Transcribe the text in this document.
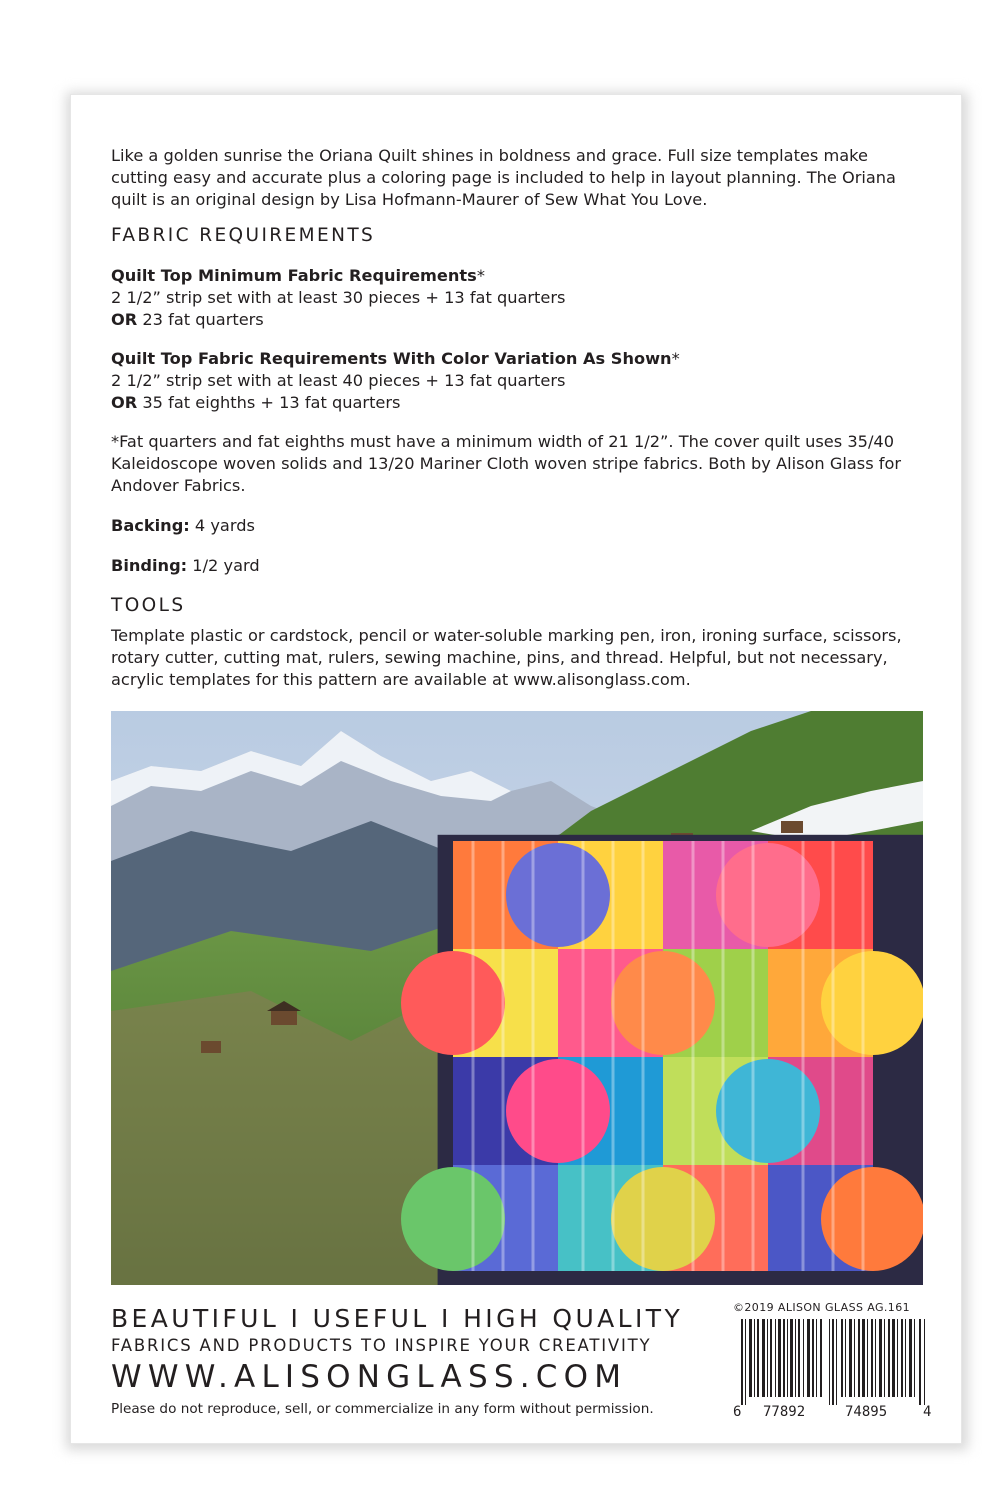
Like a golden sunrise the Oriana Quilt shines in boldness and grace. Full size templates make cutting easy and accurate plus a coloring page is included to help in layout planning. The Oriana quilt is an original design by Lisa Hofmann-Maurer of Sew What You Love.

FABRIC REQUIREMENTS
Quilt Top Minimum Fabric Requirements*
2 1/2” strip set with at least 30 pieces + 13 fat quarters
OR 23 fat quarters
Quilt Top Fabric Requirements With Color Variation As Shown*
2 1/2” strip set with at least 40 pieces + 13 fat quarters
OR 35 fat eighths + 13 fat quarters

*Fat quarters and fat eighths must have a minimum width of 21 1/2”. The cover quilt uses 35/40 Kaleidoscope woven solids and 13/20 Mariner Cloth woven stripe fabrics. Both by Alison Glass for Andover Fabrics.

Backing: 4 yards

Binding: 1/2 yard

TOOLS

Template plastic or cardstock, pencil or water-soluble marking pen, iron, ironing surface, scissors, rotary cutter, cutting mat, rulers, sewing machine, pins, and thread. Helpful, but not necessary, acrylic templates for this pattern are available at www.alisonglass.com.

BEAUTIFUL I USEFUL I HIGH QUALITY
FABRICS AND PRODUCTS TO INSPIRE YOUR CREATIVITY
WWW.ALISONGLASS.COM
Please do not reproduce, sell, or commercialize in any form without permission.
©2019 ALISON GLASS AG.161
6 77892	74895	4
